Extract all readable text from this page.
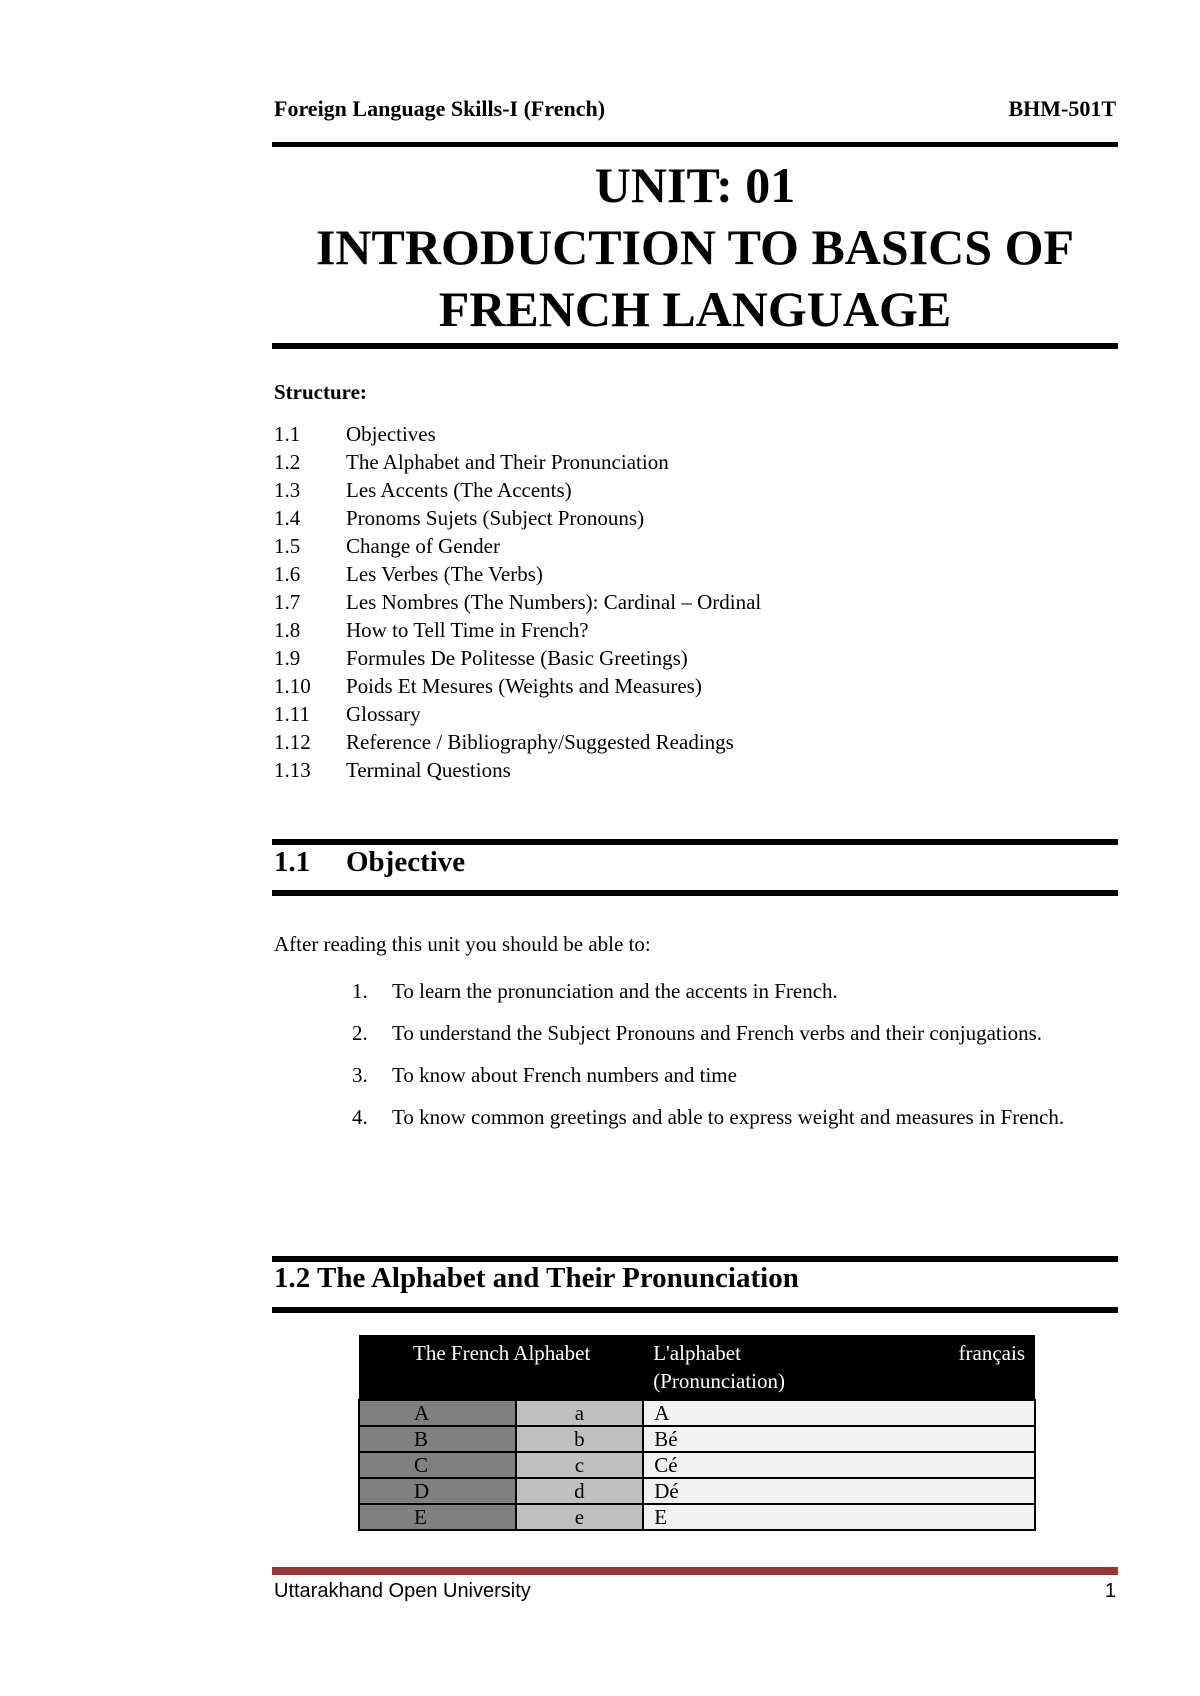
Foreign Language Skills-I (French)	BHM-501T
UNIT: 01
INTRODUCTION TO BASICS OF
FRENCH LANGUAGE
Structure:
1.1 Objectives
1.2 The Alphabet and Their Pronunciation
1.3 Les Accents (The Accents)
1.4 Pronoms Sujets (Subject Pronouns)
1.5 Change of Gender
1.6 Les Verbes (The Verbs)
1.7 Les Nombres (The Numbers): Cardinal – Ordinal
1.8 How to Tell Time in French?
1.9 Formules De Politesse (Basic Greetings)
1.10 Poids Et Mesures (Weights and Measures)
1.11 Glossary
1.12 Reference / Bibliography/Suggested Readings
1.13 Terminal Questions
1.1 Objective
After reading this unit you should be able to:
1. To learn the pronunciation and the accents in French.
2. To understand the Subject Pronouns and French verbs and their conjugations.
3. To know about French numbers and time
4. To know common greetings and able to express weight and measures in French.
1.2 The Alphabet and Their Pronunciation
The French Alphabet		L'alphabet français
(Pronunciation)

A	a	A
B	b	Bé
C	c	Cé
D	d	Dé
E	e	E
Uttarakhand Open University	1
